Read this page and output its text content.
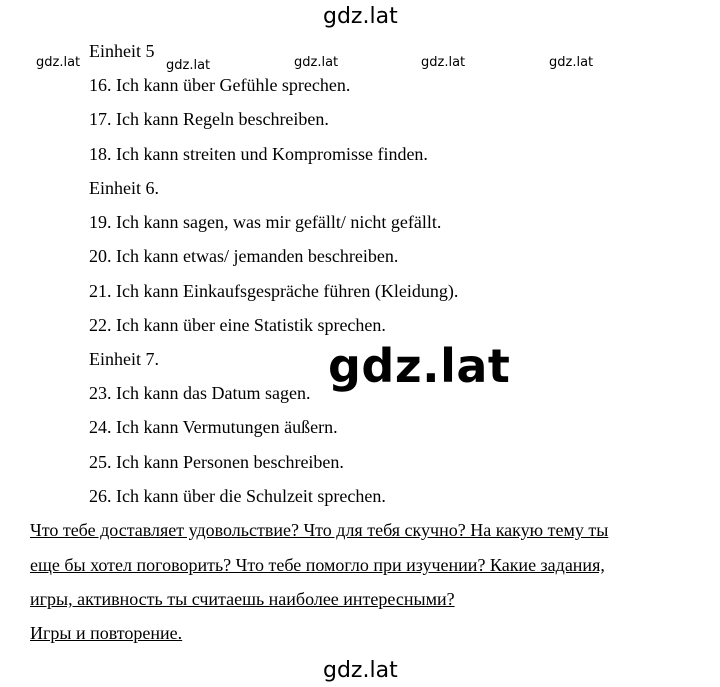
gdz.lat
gdz.lat	gdz.lat	gdz.lat	gdz.lat	gdz.lat
Einheit 5
16. Ich kann über Gefühle sprechen.
17. Ich kann Regeln beschreiben.
18. Ich kann streiten und Kompromisse finden.
Einheit 6.
19. Ich kann sagen, was mir gefällt/ nicht gefällt.
20. Ich kann etwas/ jemanden beschreiben.
21. Ich kann Einkaufsgespräche führen (Kleidung).
22. Ich kann über eine Statistik sprechen.
Einheit 7.
23. Ich kann das Datum sagen.
24. Ich kann Vermutungen äußern.
25. Ich kann Personen beschreiben.
26. Ich kann über die Schulzeit sprechen.
gdz.lat
Что тебе доставляет удовольствие? Что для тебя скучно? На какую тему ты
еще бы хотел поговорить? Что тебе помогло при изучении? Какие задания,
игры, активность ты считаешь наиболее интересными?
Игры и повторение.
gdz.lat
